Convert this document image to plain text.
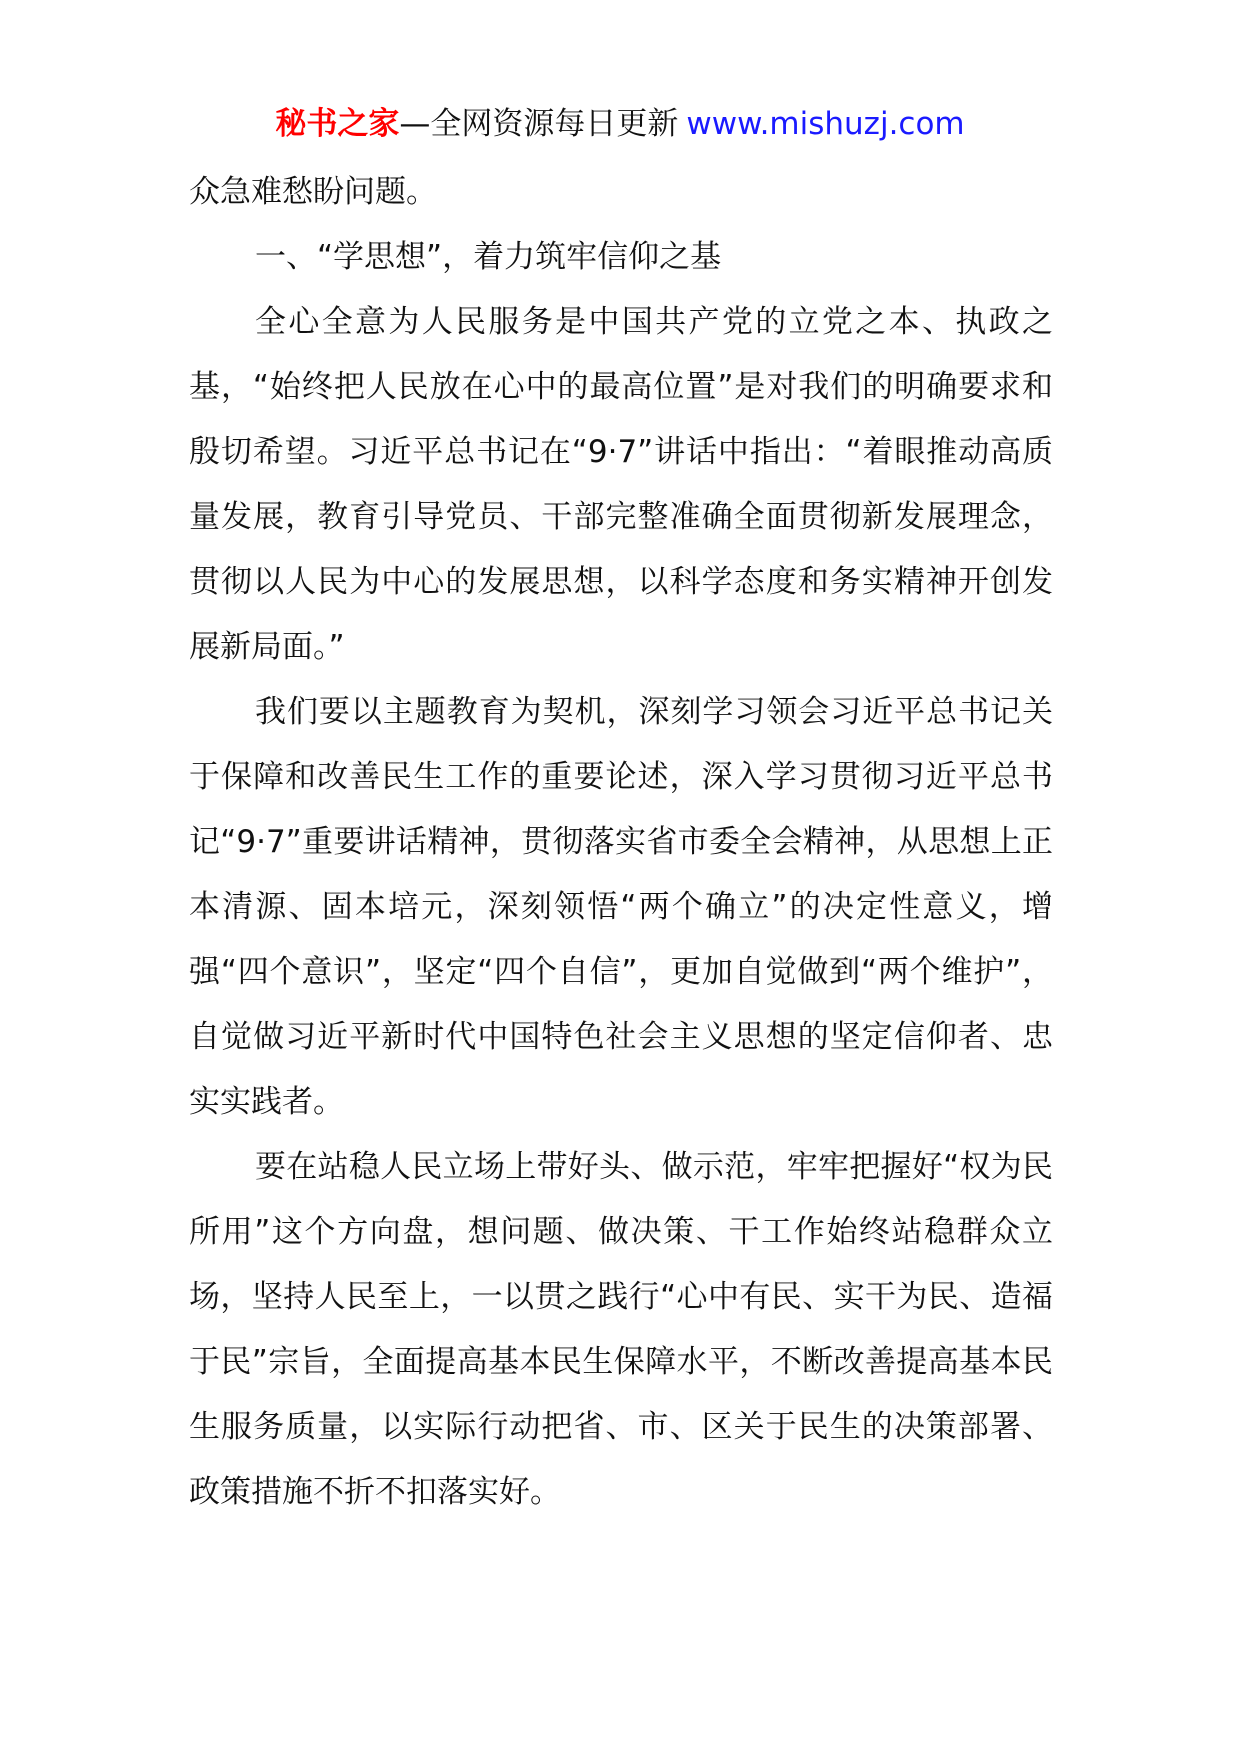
秘书之家—全网资源每日更新 www.mishuzj.com

众急难愁盼问题。

一、“学思想”，着力筑牢信仰之基

全心全意为人民服务是中国共产党的立党之本、执政之基，“始终把人民放在心中的最高位置”是对我们的明确要求和殷切希望。习近平总书记在“9·7”讲话中指出：“着眼推动高质量发展，教育引导党员、干部完整准确全面贯彻新发展理念，贯彻以人民为中心的发展思想，以科学态度和务实精神开创发展新局面。”

我们要以主题教育为契机，深刻学习领会习近平总书记关于保障和改善民生工作的重要论述，深入学习贯彻习近平总书记“9·7”重要讲话精神，贯彻落实省市委全会精神，从思想上正本清源、固本培元，深刻领悟“两个确立”的决定性意义，增强“四个意识”，坚定“四个自信”，更加自觉做到“两个维护”，自觉做习近平新时代中国特色社会主义思想的坚定信仰者、忠实实践者。

要在站稳人民立场上带好头、做示范，牢牢把握好“权为民所用”这个方向盘，想问题、做决策、干工作始终站稳群众立场，坚持人民至上，一以贯之践行“心中有民、实干为民、造福于民”宗旨，全面提高基本民生保障水平，不断改善提高基本民生服务质量，以实际行动把省、市、区关于民生的决策部署、政策措施不折不扣落实好。
